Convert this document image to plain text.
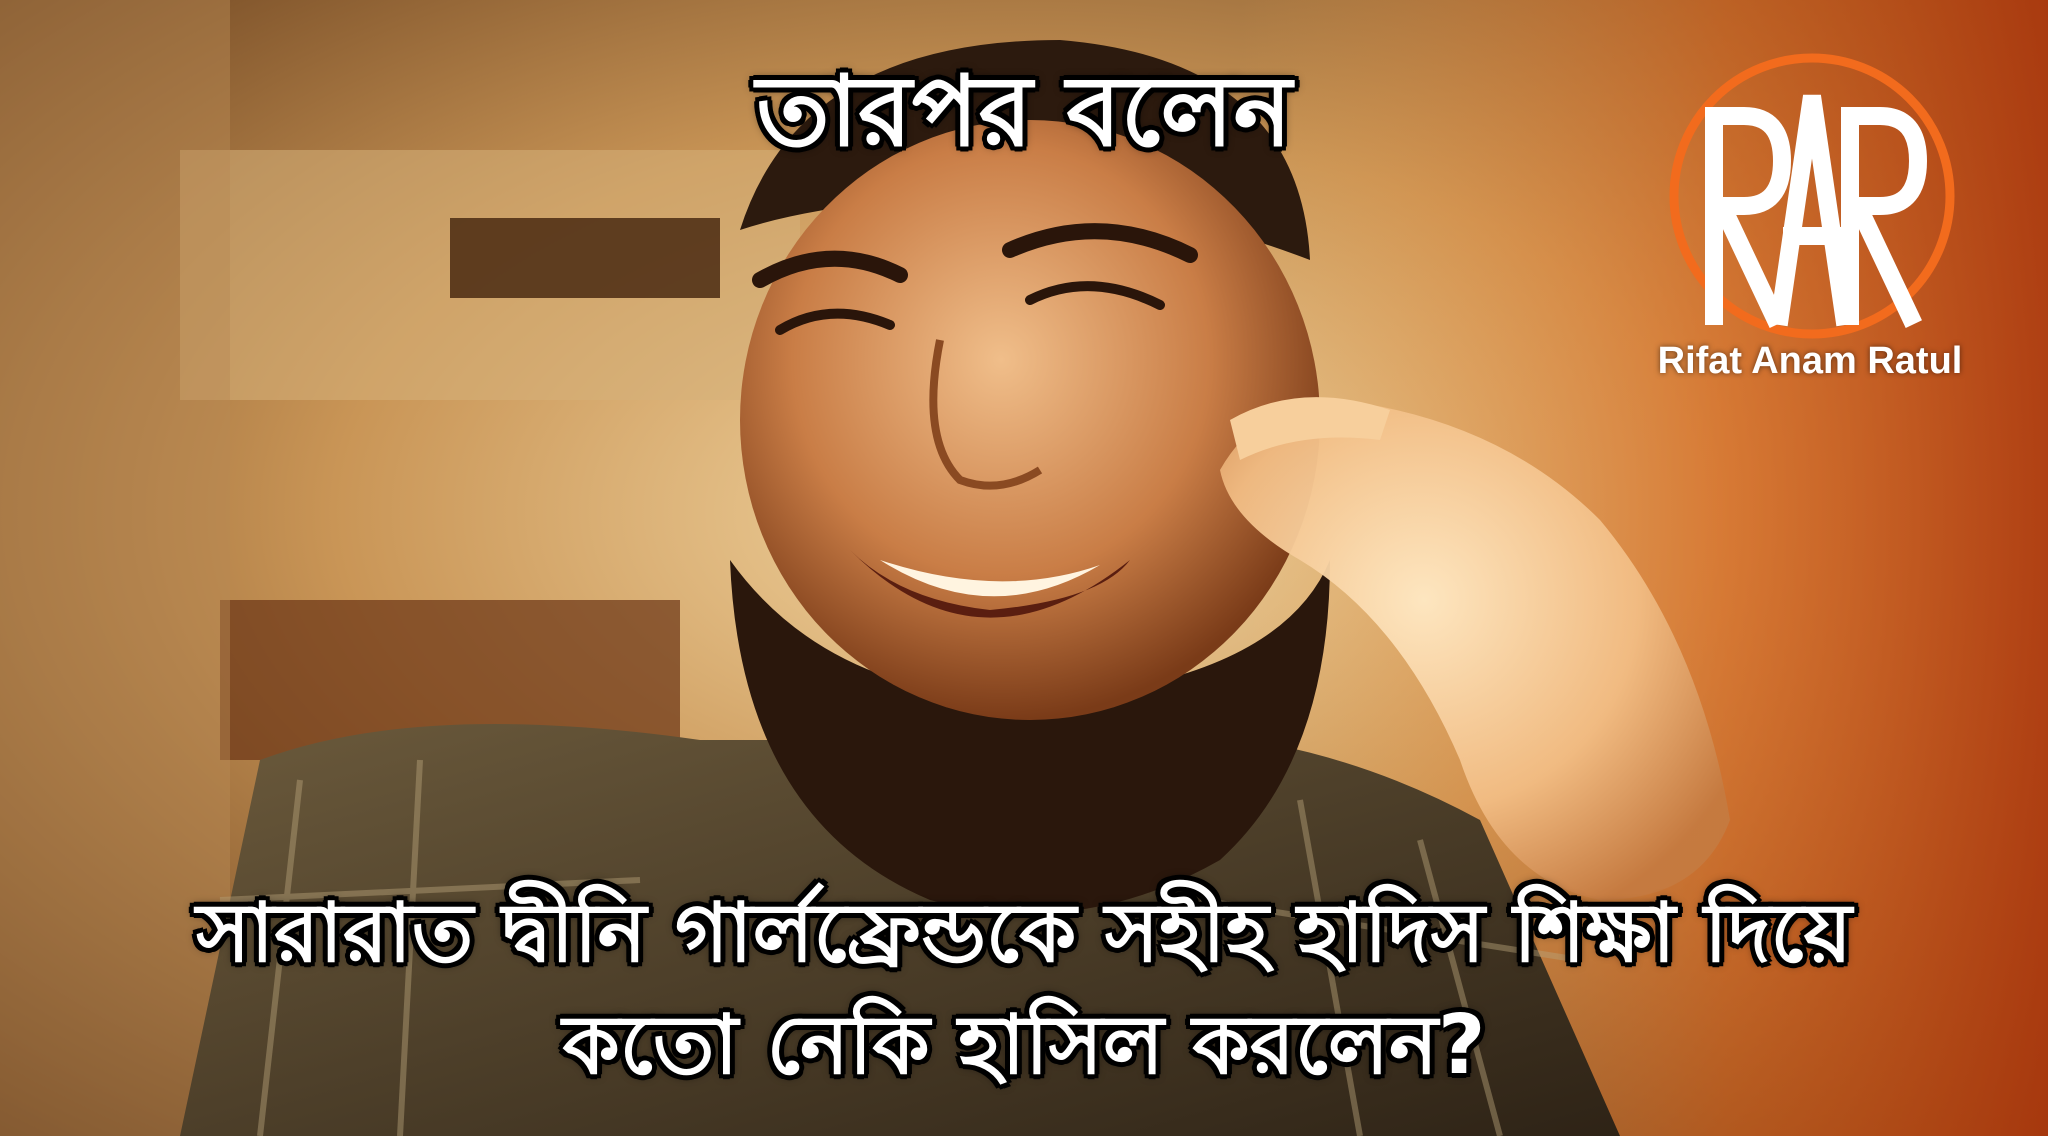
তারপর বলেন
সারারাত দ্বীনি গার্লফ্রেন্ডকে সহীহ হাদিস শিক্ষা দিয়ে
কতো নেকি হাসিল করলেন?
Rifat Anam Ratul
